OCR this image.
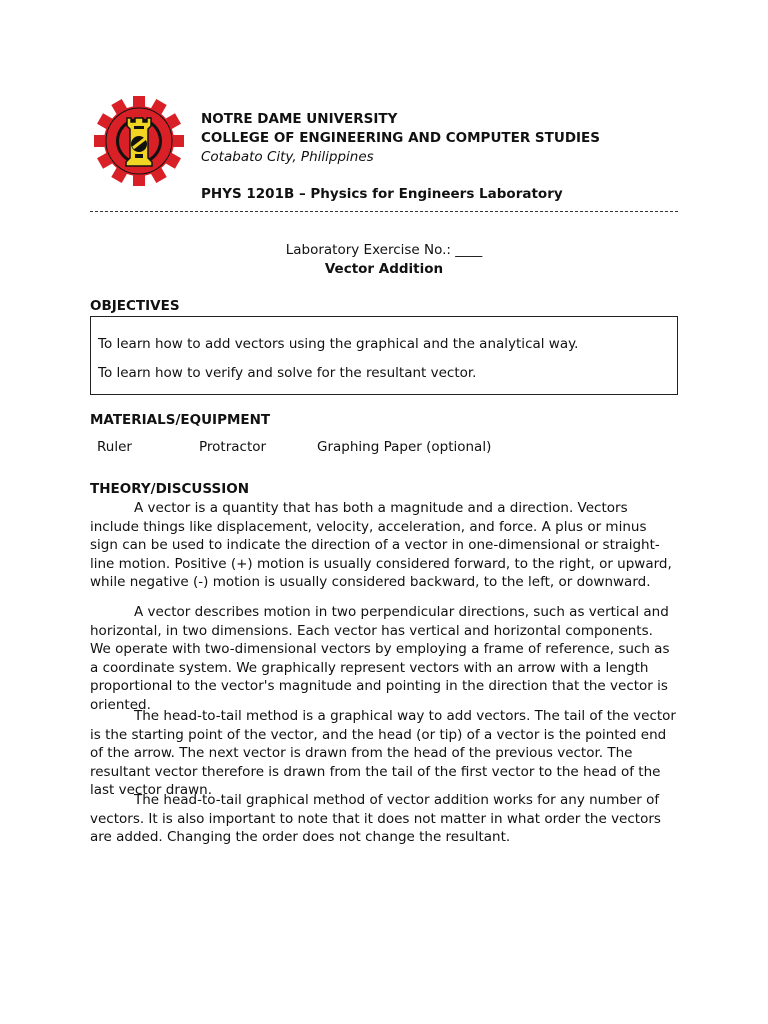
NOTRE DAME UNIVERSITY
COLLEGE OF ENGINEERING AND COMPUTER STUDIES
Cotabato City, Philippines
PHYS 1201B – Physics for Engineers Laboratory
Laboratory Exercise No.: ____
Vector Addition
OBJECTIVES
To learn how to add vectors using the graphical and the analytical way.
To learn how to verify and solve for the resultant vector.
MATERIALS/EQUIPMENT
Ruler	Protractor	Graphing Paper (optional)
THEORY/DISCUSSION

A vector is a quantity that has both a magnitude and a direction. Vectors include things like displacement, velocity, acceleration, and force. A plus or minus sign can be used to indicate the direction of a vector in one-dimensional or straight-line motion. Positive (+) motion is usually considered forward, to the right, or upward, while negative (-) motion is usually considered backward, to the left, or downward.

A vector describes motion in two perpendicular directions, such as vertical and horizontal, in two dimensions. Each vector has vertical and horizontal components. We operate with two-dimensional vectors by employing a frame of reference, such as a coordinate system. We graphically represent vectors with an arrow with a length proportional to the vector's magnitude and pointing in the direction that the vector is oriented.

The head-to-tail method is a graphical way to add vectors. The tail of the vector is the starting point of the vector, and the head (or tip) of a vector is the pointed end of the arrow. The next vector is drawn from the head of the previous vector. The resultant vector therefore is drawn from the tail of the first vector to the head of the last vector drawn.

The head-to-tail graphical method of vector addition works for any number of vectors. It is also important to note that it does not matter in what order the vectors are added. Changing the order does not change the resultant.
